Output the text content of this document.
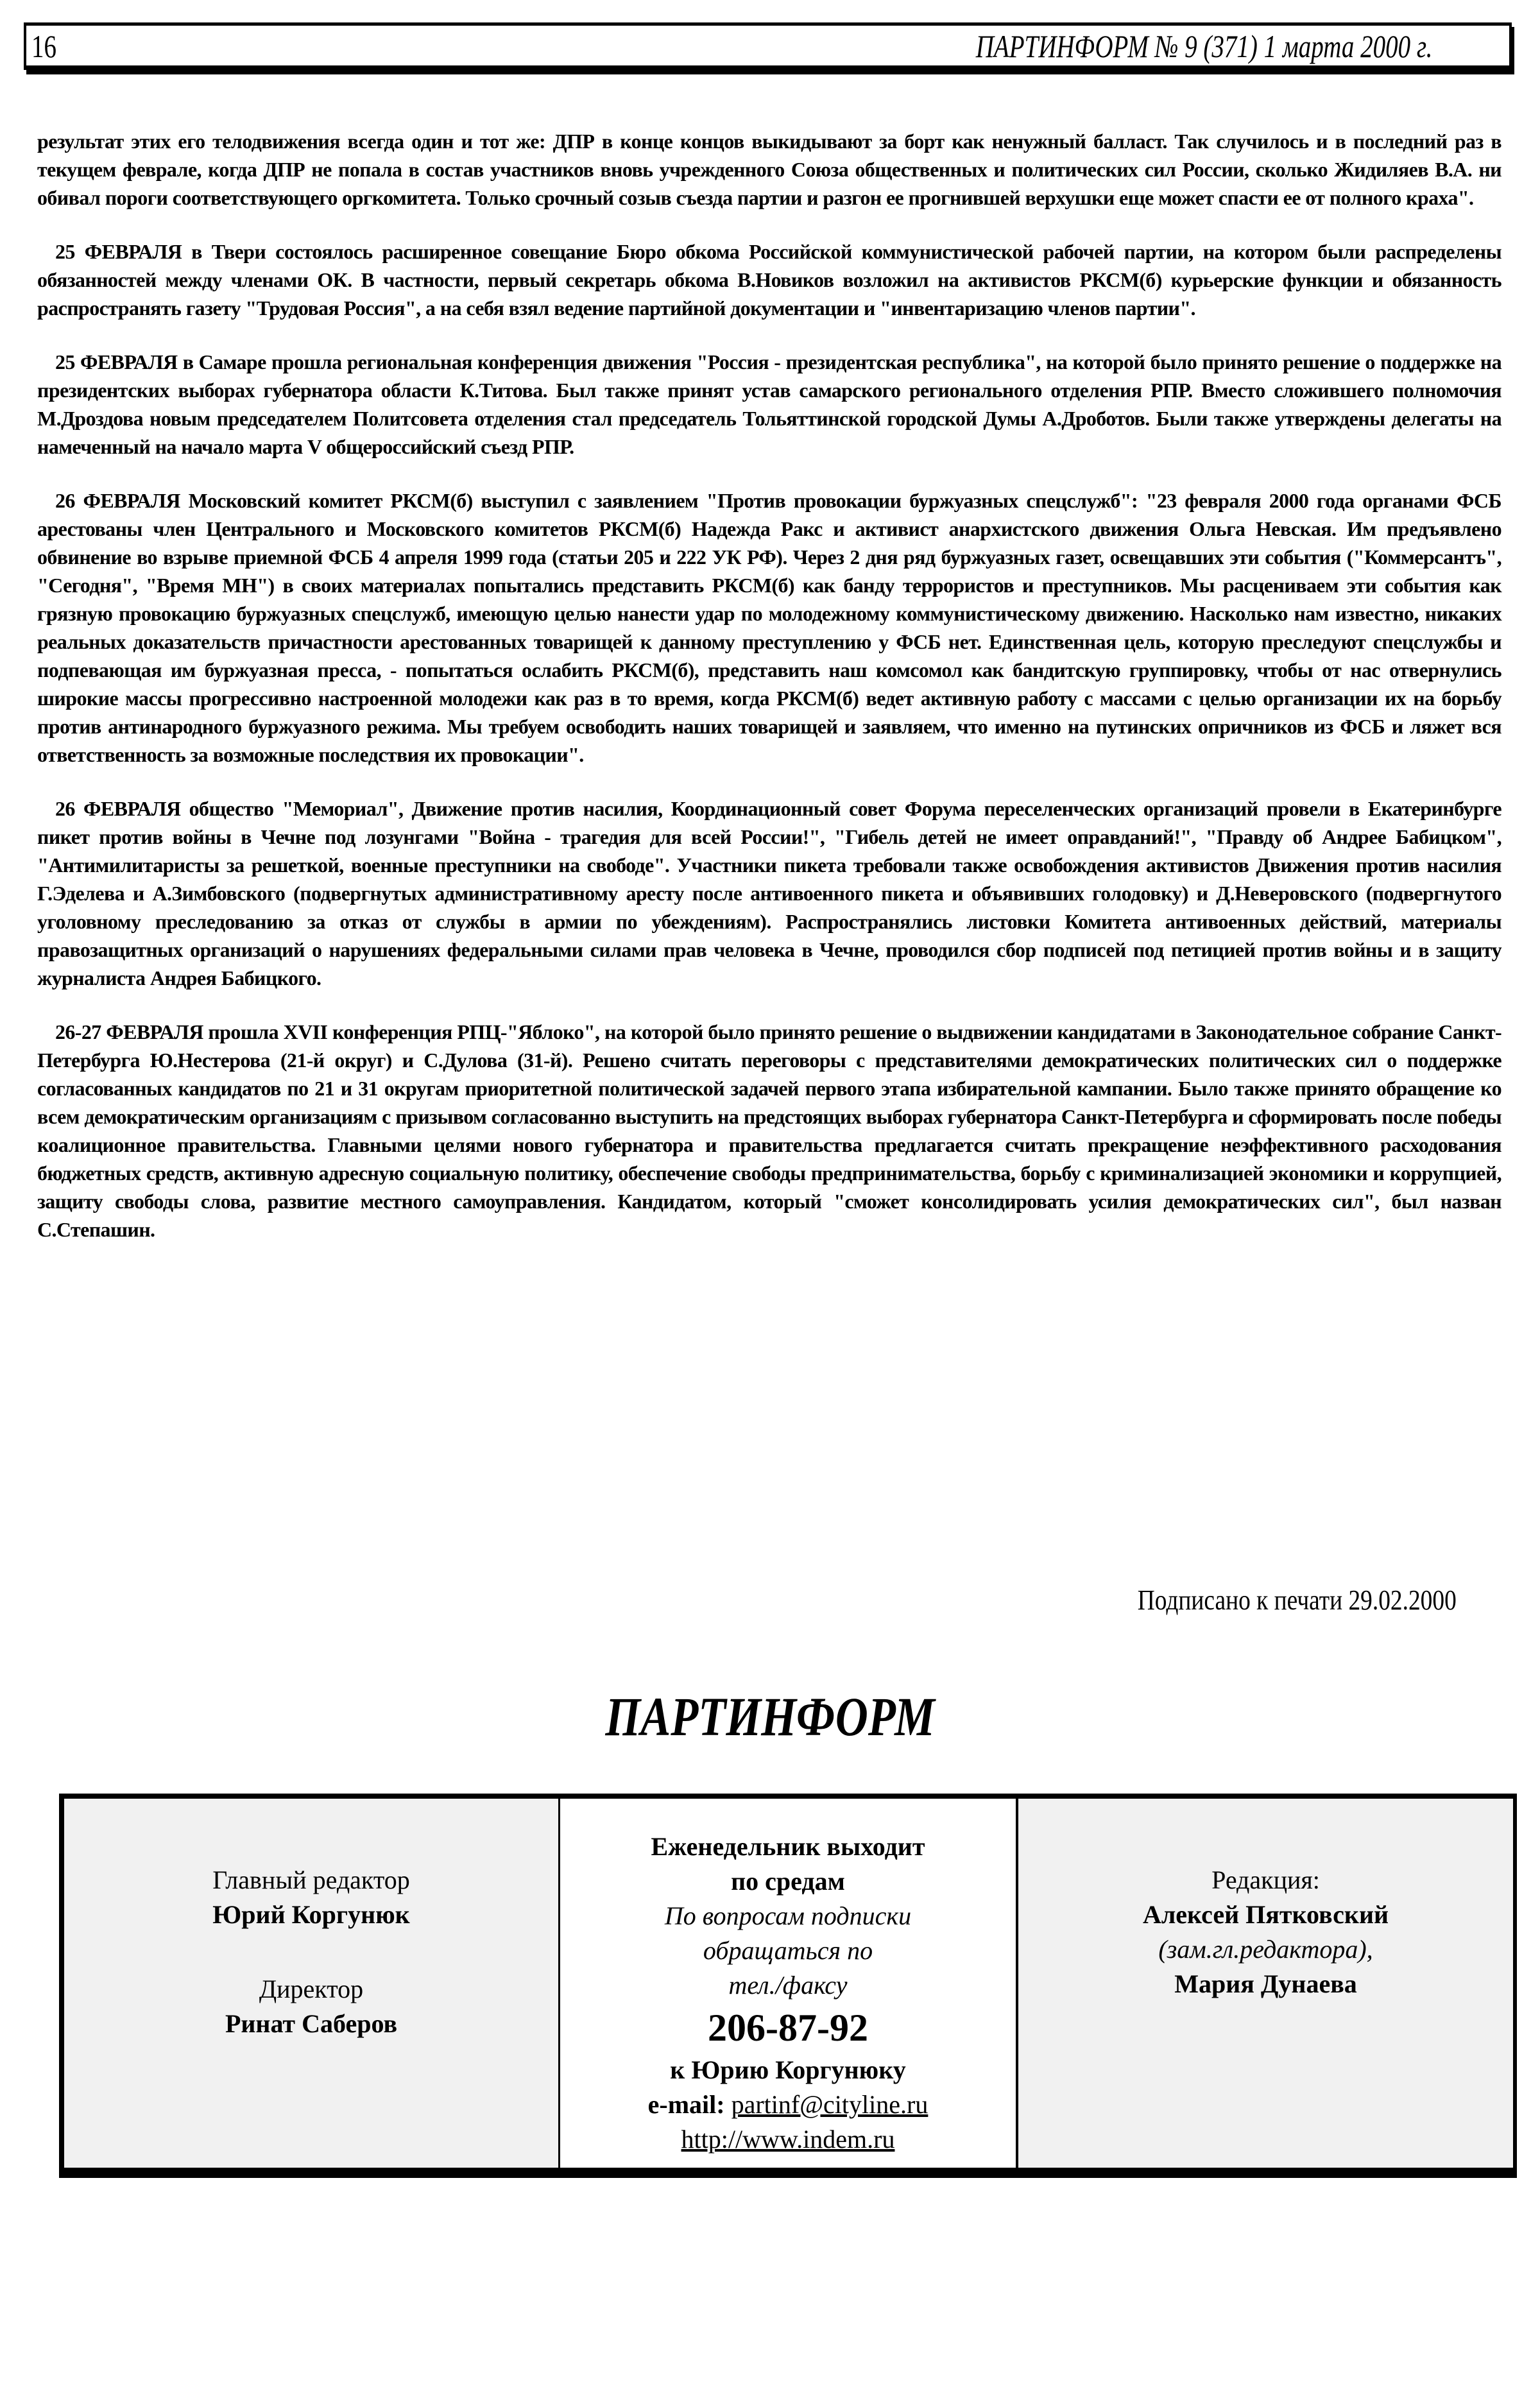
16	ПАРТИНФОРМ № 9 (371) 1 марта 2000 г.

результат этих его телодвижения всегда один и тот же: ДПР в конце концов выкидывают за борт как ненужный балласт. Так случилось и в последний раз в текущем феврале, когда ДПР не попала в состав участников вновь учрежденного Союза общественных и политических сил России, сколько Жидиляев В.А. ни обивал пороги соответствующего оргкомитета. Только срочный созыв съезда партии и разгон ее прогнившей верхушки еще может спасти ее от полного краха".

25 ФЕВРАЛЯ в Твери состоялось расширенное совещание Бюро обкома Российской коммунистической рабочей партии, на котором были распределены обязанностей между членами ОК. В частности, первый секретарь обкома В.Новиков возложил на активистов РКСМ(б) курьерские функции и обязанность распространять газету "Трудовая Россия", а на себя взял ведение партийной документации и "инвентаризацию членов партии".

25 ФЕВРАЛЯ в Самаре прошла региональная конференция движения "Россия - президентская республика", на которой было принято решение о поддержке на президентских выборах губернатора области К.Титова. Был также принят устав самарского регионального отделения РПР. Вместо сложившего полномочия М.Дроздова новым председателем Политсовета отделения стал председатель Тольяттинской городской Думы А.Дроботов. Были также утверждены делегаты на намеченный на начало марта V общероссийский съезд РПР.

26 ФЕВРАЛЯ Московский комитет РКСМ(б) выступил с заявлением "Против провокации буржуазных спецслужб": "23 февраля 2000 года органами ФСБ арестованы член Центрального и Московского комитетов РКСМ(б) Надежда Ракс и активист анархистского движения Ольга Невская. Им предъявлено обвинение во взрыве приемной ФСБ 4 апреля 1999 года (статьи 205 и 222 УК РФ). Через 2 дня ряд буржуазных газет, освещавших эти события ("Коммерсантъ", "Сегодня", "Время МН") в своих материалах попытались представить РКСМ(б) как банду террористов и преступников. Мы расцениваем эти события как грязную провокацию буржуазных спецслужб, имеющую целью нанести удар по молодежному коммунистическому движению. Насколько нам известно, никаких реальных доказательств причастности арестованных товарищей к данному преступлению у ФСБ нет. Единственная цель, которую преследуют спецслужбы и подпевающая им буржуазная пресса, - попытаться ослабить РКСМ(б), представить наш комсомол как бандитскую группировку, чтобы от нас отвернулись широкие массы прогрессивно настроенной молодежи как раз в то время, когда РКСМ(б) ведет активную работу с массами с целью организации их на борьбу против антинародного буржуазного режима. Мы требуем освободить наших товарищей и заявляем, что именно на путинских опричников из ФСБ и ляжет вся ответственность за возможные последствия их провокации".

26 ФЕВРАЛЯ общество "Мемориал", Движение против насилия, Координационный совет Форума переселенческих организаций провели в Екатеринбурге пикет против войны в Чечне под лозунгами "Война - трагедия для всей России!", "Гибель детей не имеет оправданий!", "Правду об Андрее Бабицком", "Антимилитаристы за решеткой, военные преступники на свободе". Участники пикета требовали также освобождения активистов Движения против насилия Г.Эделева и А.Зимбовского (подвергнутых административному аресту после антивоенного пикета и объявивших голодовку) и Д.Неверовского (подвергнутого уголовному преследованию за отказ от службы в армии по убеждениям). Распространялись листовки Комитета антивоенных действий, материалы правозащитных организаций о нарушениях федеральными силами прав человека в Чечне, проводился сбор подписей под петицией против войны и в защиту журналиста Андрея Бабицкого.

26-27 ФЕВРАЛЯ прошла XVII конференция РПЦ-"Яблоко", на которой было принято решение о выдвижении кандидатами в Законодательное собрание Санкт-Петербурга Ю.Нестерова (21-й округ) и С.Дулова (31-й). Решено считать переговоры с представителями демократических политических сил о поддержке согласованных кандидатов по 21 и 31 округам приоритетной политической задачей первого этапа избирательной кампании. Было также принято обращение ко всем демократическим организациям с призывом согласованно выступить на предстоящих выборах губернатора Санкт-Петербурга и сформировать после победы коалиционное правительства. Главными целями нового губернатора и правительства предлагается считать прекращение неэффективного расходования бюджетных средств, активную адресную социальную политику, обеспечение свободы предпринимательства, борьбу с криминализацией экономики и коррупцией, защиту свободы слова, развитие местного самоуправления. Кандидатом, который "сможет консолидировать усилия демократических сил", был назван С.Степашин.

Подписано к печати 29.02.2000
ПАРТИНФОРМ
Главный редактор
Юрий Коргунюк
Директор
Ринат Саберов
Еженедельник выходит
по средам
По вопросам подписки
обращаться по
тел./факсу
206-87-92
к Юрию Коргунюку
e-mail: partinf@cityline.ru
http://www.indem.ru
Редакция:
Алексей Пятковский
(зам.гл.редактора),
Мария Дунаева
